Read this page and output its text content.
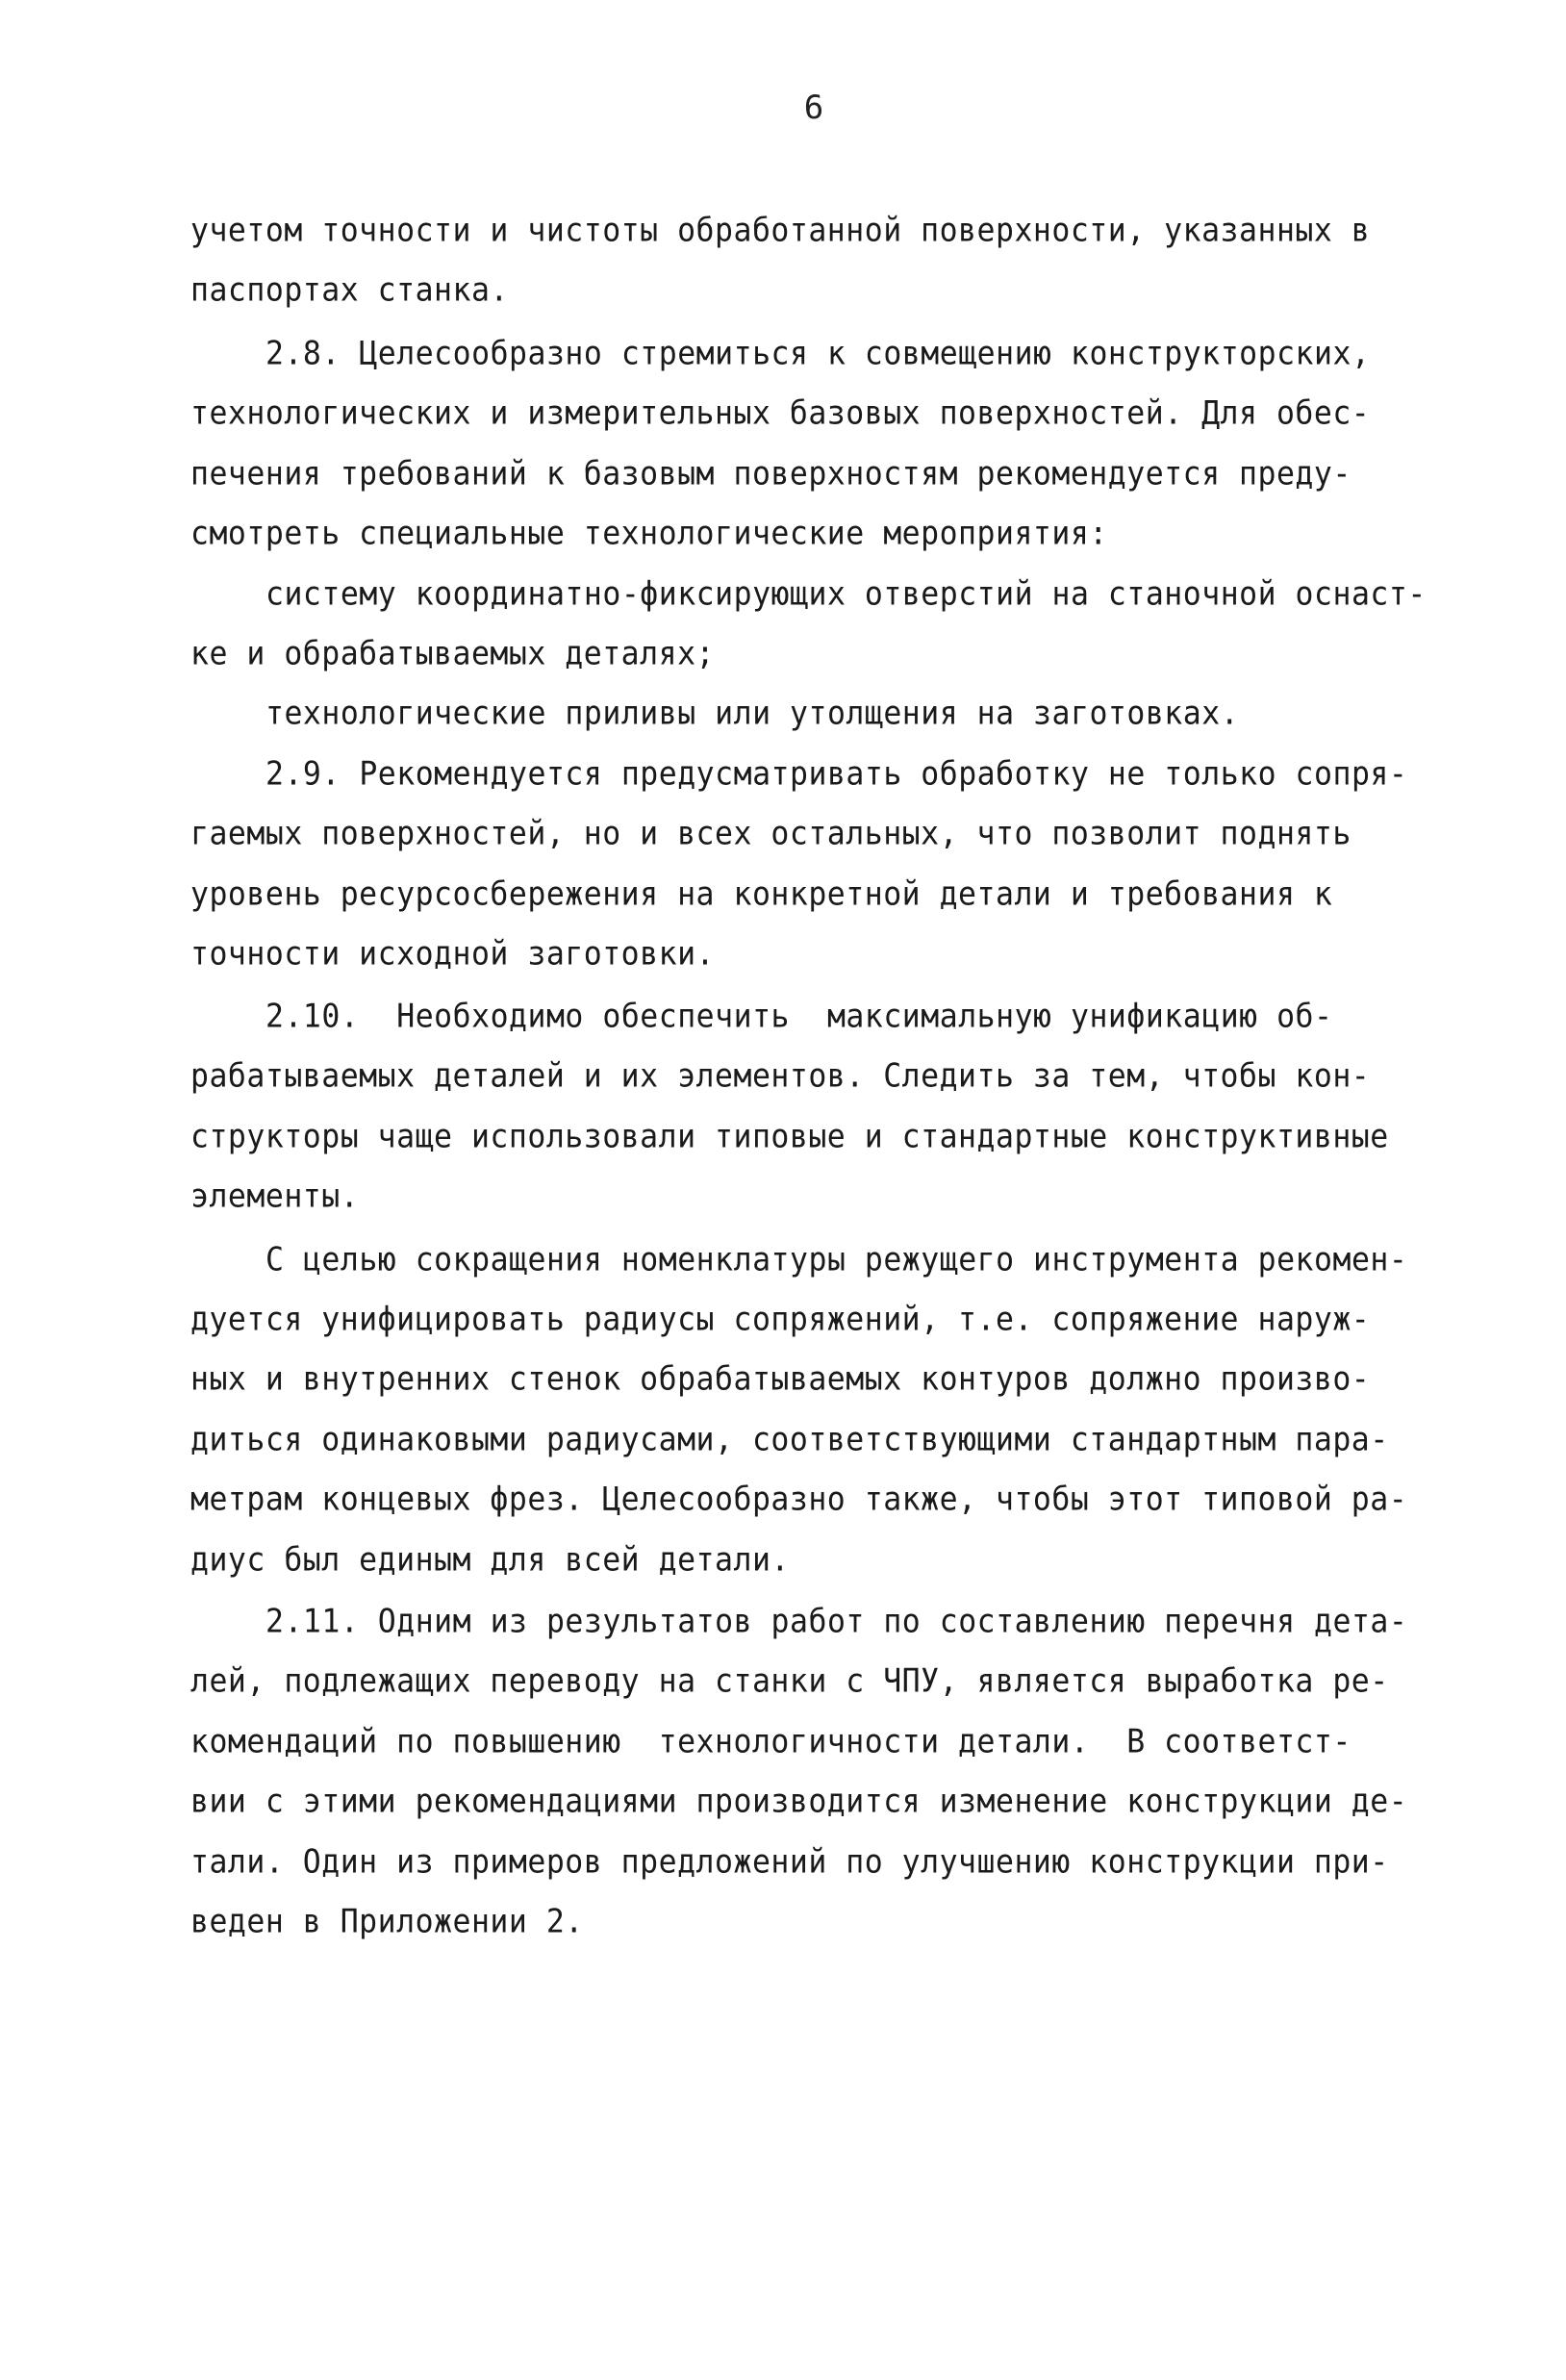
6
учетом точности и чистоты обработанной поверхности, указанных в
паспортах станка.
2.8. Целесообразно стремиться к совмещению конструкторских,
технологических и измерительных базовых поверхностей. Для обес-
печения требований к базовым поверхностям рекомендуется преду-
смотреть специальные технологические мероприятия:
систему координатно-фиксирующих отверстий на станочной оснаст-
ке и обрабатываемых деталях;
технологические приливы или утолщения на заготовках.
2.9. Рекомендуется предусматривать обработку не только сопря-
гаемых поверхностей, но и всех остальных, что позволит поднять
уровень ресурсосбережения на конкретной детали и требования к
точности исходной заготовки.
2.10.  Необходимо обеспечить  максимальную унификацию об-
рабатываемых деталей и их элементов. Следить за тем, чтобы кон-
структоры чаще использовали типовые и стандартные конструктивные
элементы.
С целью сокращения номенклатуры режущего инструмента рекомен-
дуется унифицировать радиусы сопряжений, т.е. сопряжение наруж-
ных и внутренних стенок обрабатываемых контуров должно произво-
диться одинаковыми радиусами, соответствующими стандартным пара-
метрам концевых фрез. Целесообразно также, чтобы этот типовой ра-
диус был единым для всей детали.
2.11. Одним из результатов работ по составлению перечня дета-
лей, подлежащих переводу на станки с ЧПУ, является выработка ре-
комендаций по повышению  технологичности детали.  В соответст-
вии с этими рекомендациями производится изменение конструкции де-
тали. Один из примеров предложений по улучшению конструкции при-
веден в Приложении 2.
